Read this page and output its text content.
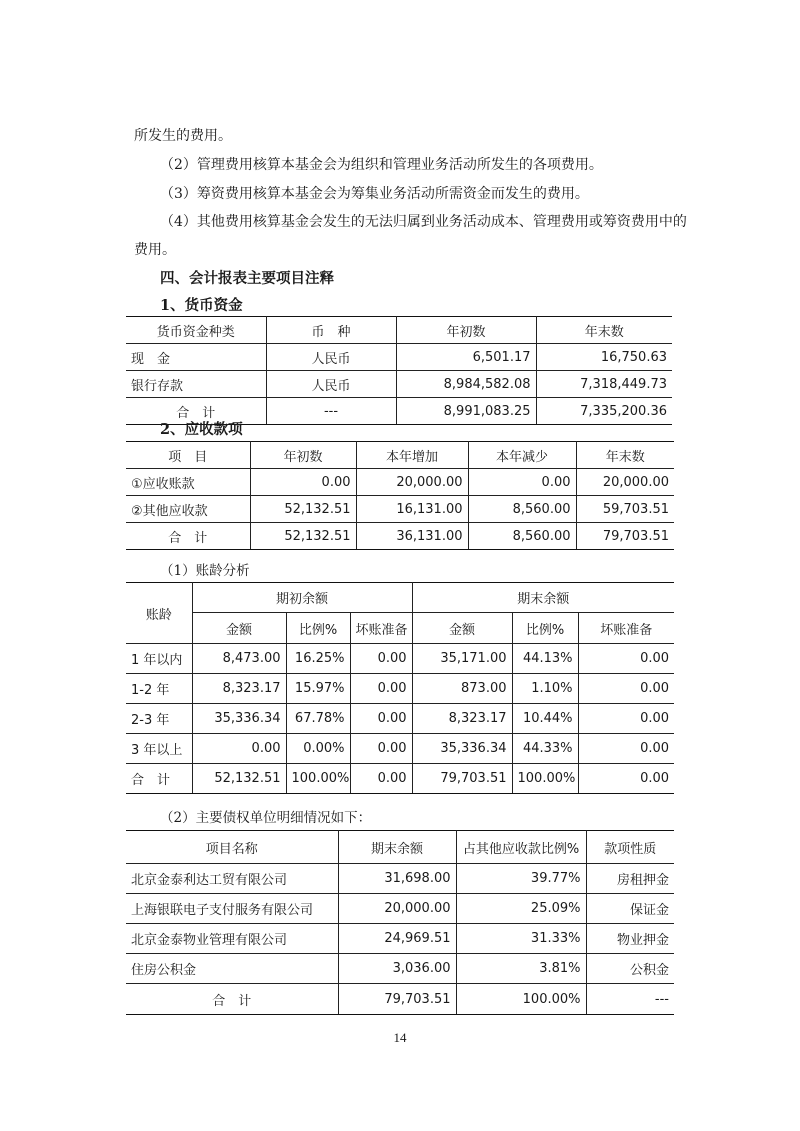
所发生的费用。
（2）管理费用核算本基金会为组织和管理业务活动所发生的各项费用。
（3）筹资费用核算本基金会为筹集业务活动所需资金而发生的费用。
（4）其他费用核算基金会发生的无法归属到业务活动成本、管理费用或筹资费用中的
费用。
四、会计报表主要项目注释
1、货币资金
货币资金种类	币　种	年初数	年末数
现　金	人民币	6,501.17	16,750.63
银行存款	人民币	8,984,582.08	7,318,449.73
合　计	---	8,991,083.25	7,335,200.36
2、应收款项
项　目	年初数	本年增加	本年减少	年末数
①应收账款	0.00	20,000.00	0.00	20,000.00
②其他应收款	52,132.51	16,131.00	8,560.00	59,703.51
合　计	52,132.51	36,131.00	8,560.00	79,703.51
（1）账龄分析
账龄	期初余额			期末余额		
	金额	比例%	坏账准备	金额	比例%	坏账准备
1 年以内	8,473.00	16.25%	0.00	35,171.00	44.13%	0.00
1-2 年	8,323.17	15.97%	0.00	873.00	1.10%	0.00
2-3 年	35,336.34	67.78%	0.00	8,323.17	10.44%	0.00
3 年以上	0.00	0.00%	0.00	35,336.34	44.33%	0.00
合　计	52,132.51	100.00%	0.00	79,703.51	100.00%	0.00
（2）主要债权单位明细情况如下：
项目名称	期末余额	占其他应收款比例%	款项性质
北京金泰利达工贸有限公司	31,698.00	39.77%	房租押金
上海银联电子支付服务有限公司	20,000.00	25.09%	保证金
北京金泰物业管理有限公司	24,969.51	31.33%	物业押金
住房公积金	3,036.00	3.81%	公积金
合　计	79,703.51	100.00%	---
14
